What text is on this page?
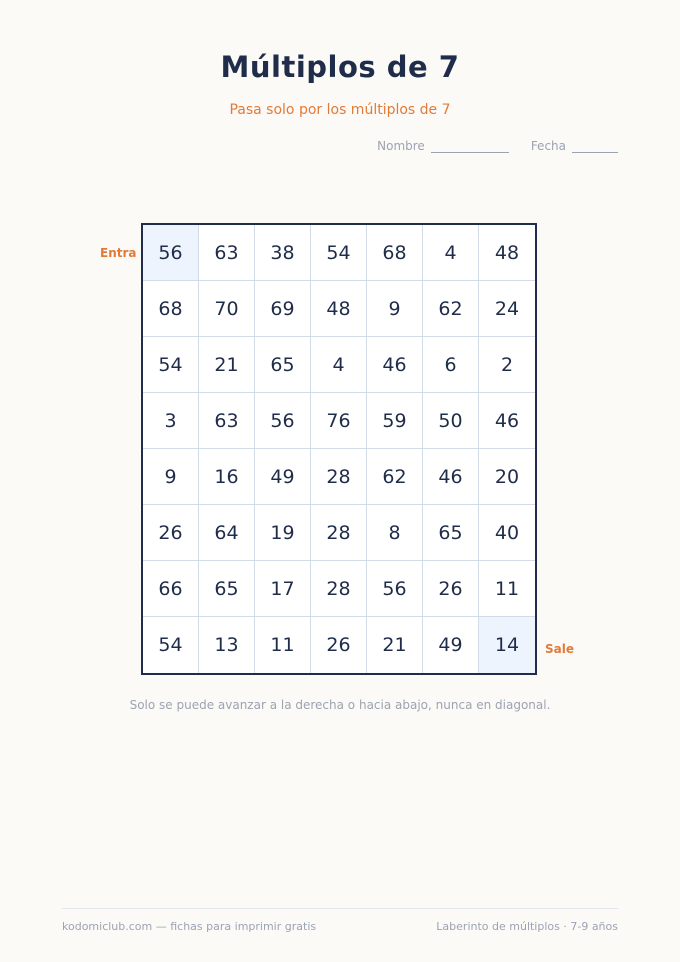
Múltiplos de 7
Pasa solo por los múltiplos de 7
Nombre	Fecha
Entra	56	63	38	54	68	4	48
68	70	69	48	9	62	24
54	21	65	4	46	6	2
3	63	56	76	59	50	46
9	16	49	28	62	46	20
26	64	19	28	8	65	40
66	65	17	28	56	26	11
54	13	11	26	21	49	14	Sale
Solo se puede avanzar a la derecha o hacia abajo, nunca en diagonal.
kodomiclub.com — fichas para imprimir gratis	Laberinto de múltiplos · 7-9 años
